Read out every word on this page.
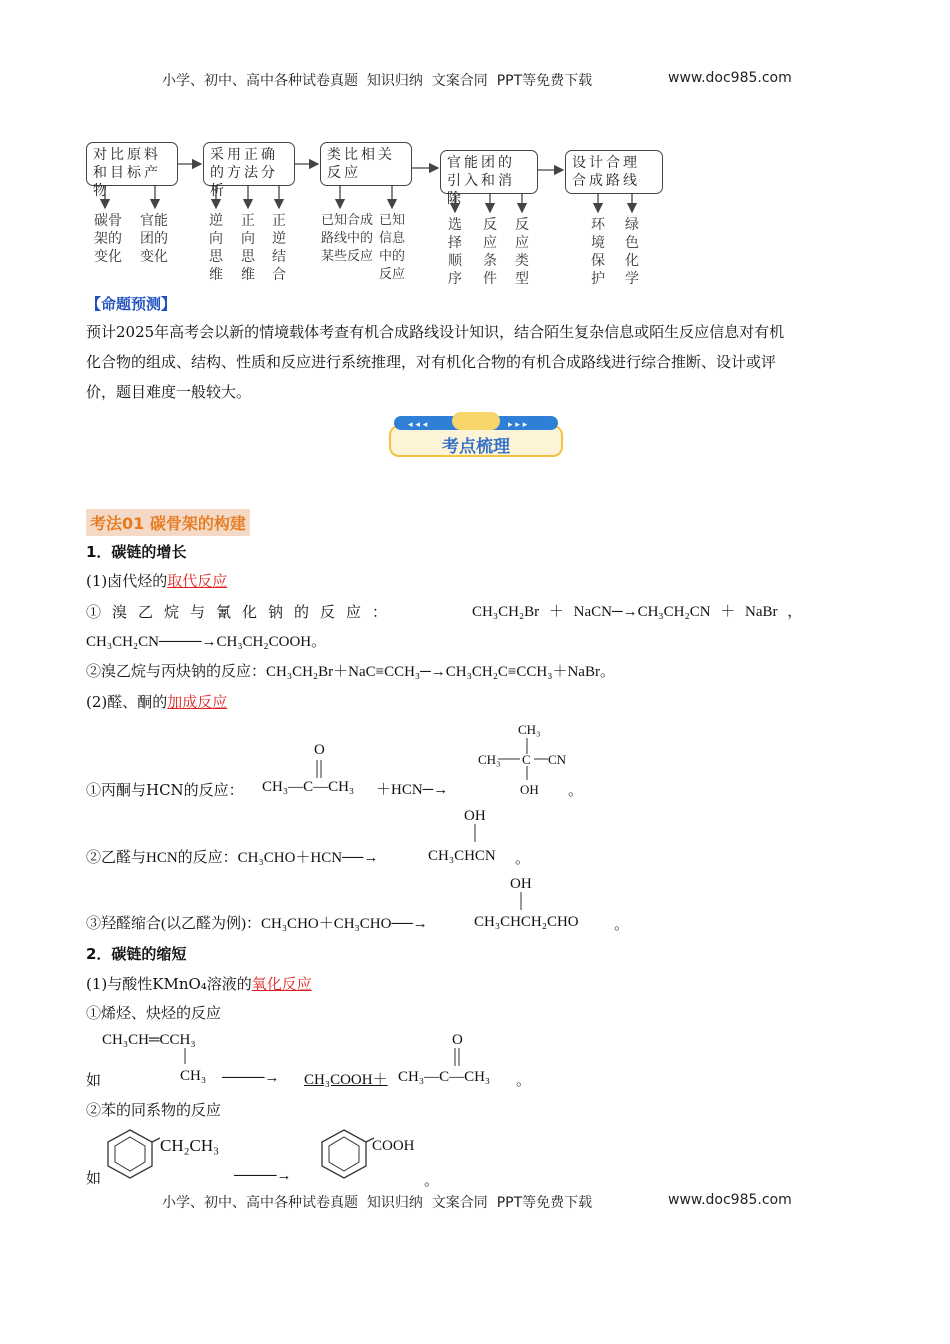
小学、初中、高中各种试卷真题  知识归纳  文案合同  PPT等免费下载	www.doc985.com
对比原料和目标产物
采用正确的方法分析
类比相关反应
官能团的引入和消除
设计合理合成路线
碳骨架的变化
官能团的变化
逆向思维
正向思维
正逆结合
已知合成路线中的某些反应
已知信息中的反应
选择顺序
反应条件
反应类型
环境保护
绿色化学
【命题预测】
预计2025年高考会以新的情境载体考查有机合成路线设计知识，结合陌生复杂信息或陌生反应信息对有机
化合物的组成、结构、性质和反应进行系统推理，对有机化合物的有机合成路线进行综合推断、设计或评
价，题目难度一般较大。
◂ ◂ ◂	▸ ▸ ▸
考点梳理
考法01 碳骨架的构建
1．碳链的增长
(1)卤代烃的取代反应
①溴乙烷与氰化钠的反应：	CH₃CH₂Br ＋ NaCN─→CH₃CH₂CN ＋ NaBr ，
CH₃CH₂CN────→CH₃CH₂COOH。
②溴乙烷与丙炔钠的反应：CH₃CH₂Br＋NaC≡CCH₃─→CH₃CH₂C≡CCH₃＋NaBr。
(2)醛、酮的加成反应
①丙酮与HCN的反应：
O
CH₃—C—CH₃ ＋HCN─→
CH₃
CH₃	CN
OH
C
。
②乙醛与HCN的反应：CH₃CHO＋HCN──→
OH
CH₃CHCN 。
③羟醛缩合(以乙醛为例)：CH₃CHO＋CH₃CHO──→
OH
CH₃CHCH₂CHO 。
2．碳链的缩短
(1)与酸性KMnO₄溶液的氧化反应
①烯烃、炔烃的反应
CH₃CH═CCH₃
CH₃
如	────→ CH₃COOH＋
O
CH₃—C—CH₃ 。
②苯的同系物的反应
CH₂CH₃
如	────→
COOH
。
小学、初中、高中各种试卷真题  知识归纳  文案合同  PPT等免费下载	www.doc985.com
